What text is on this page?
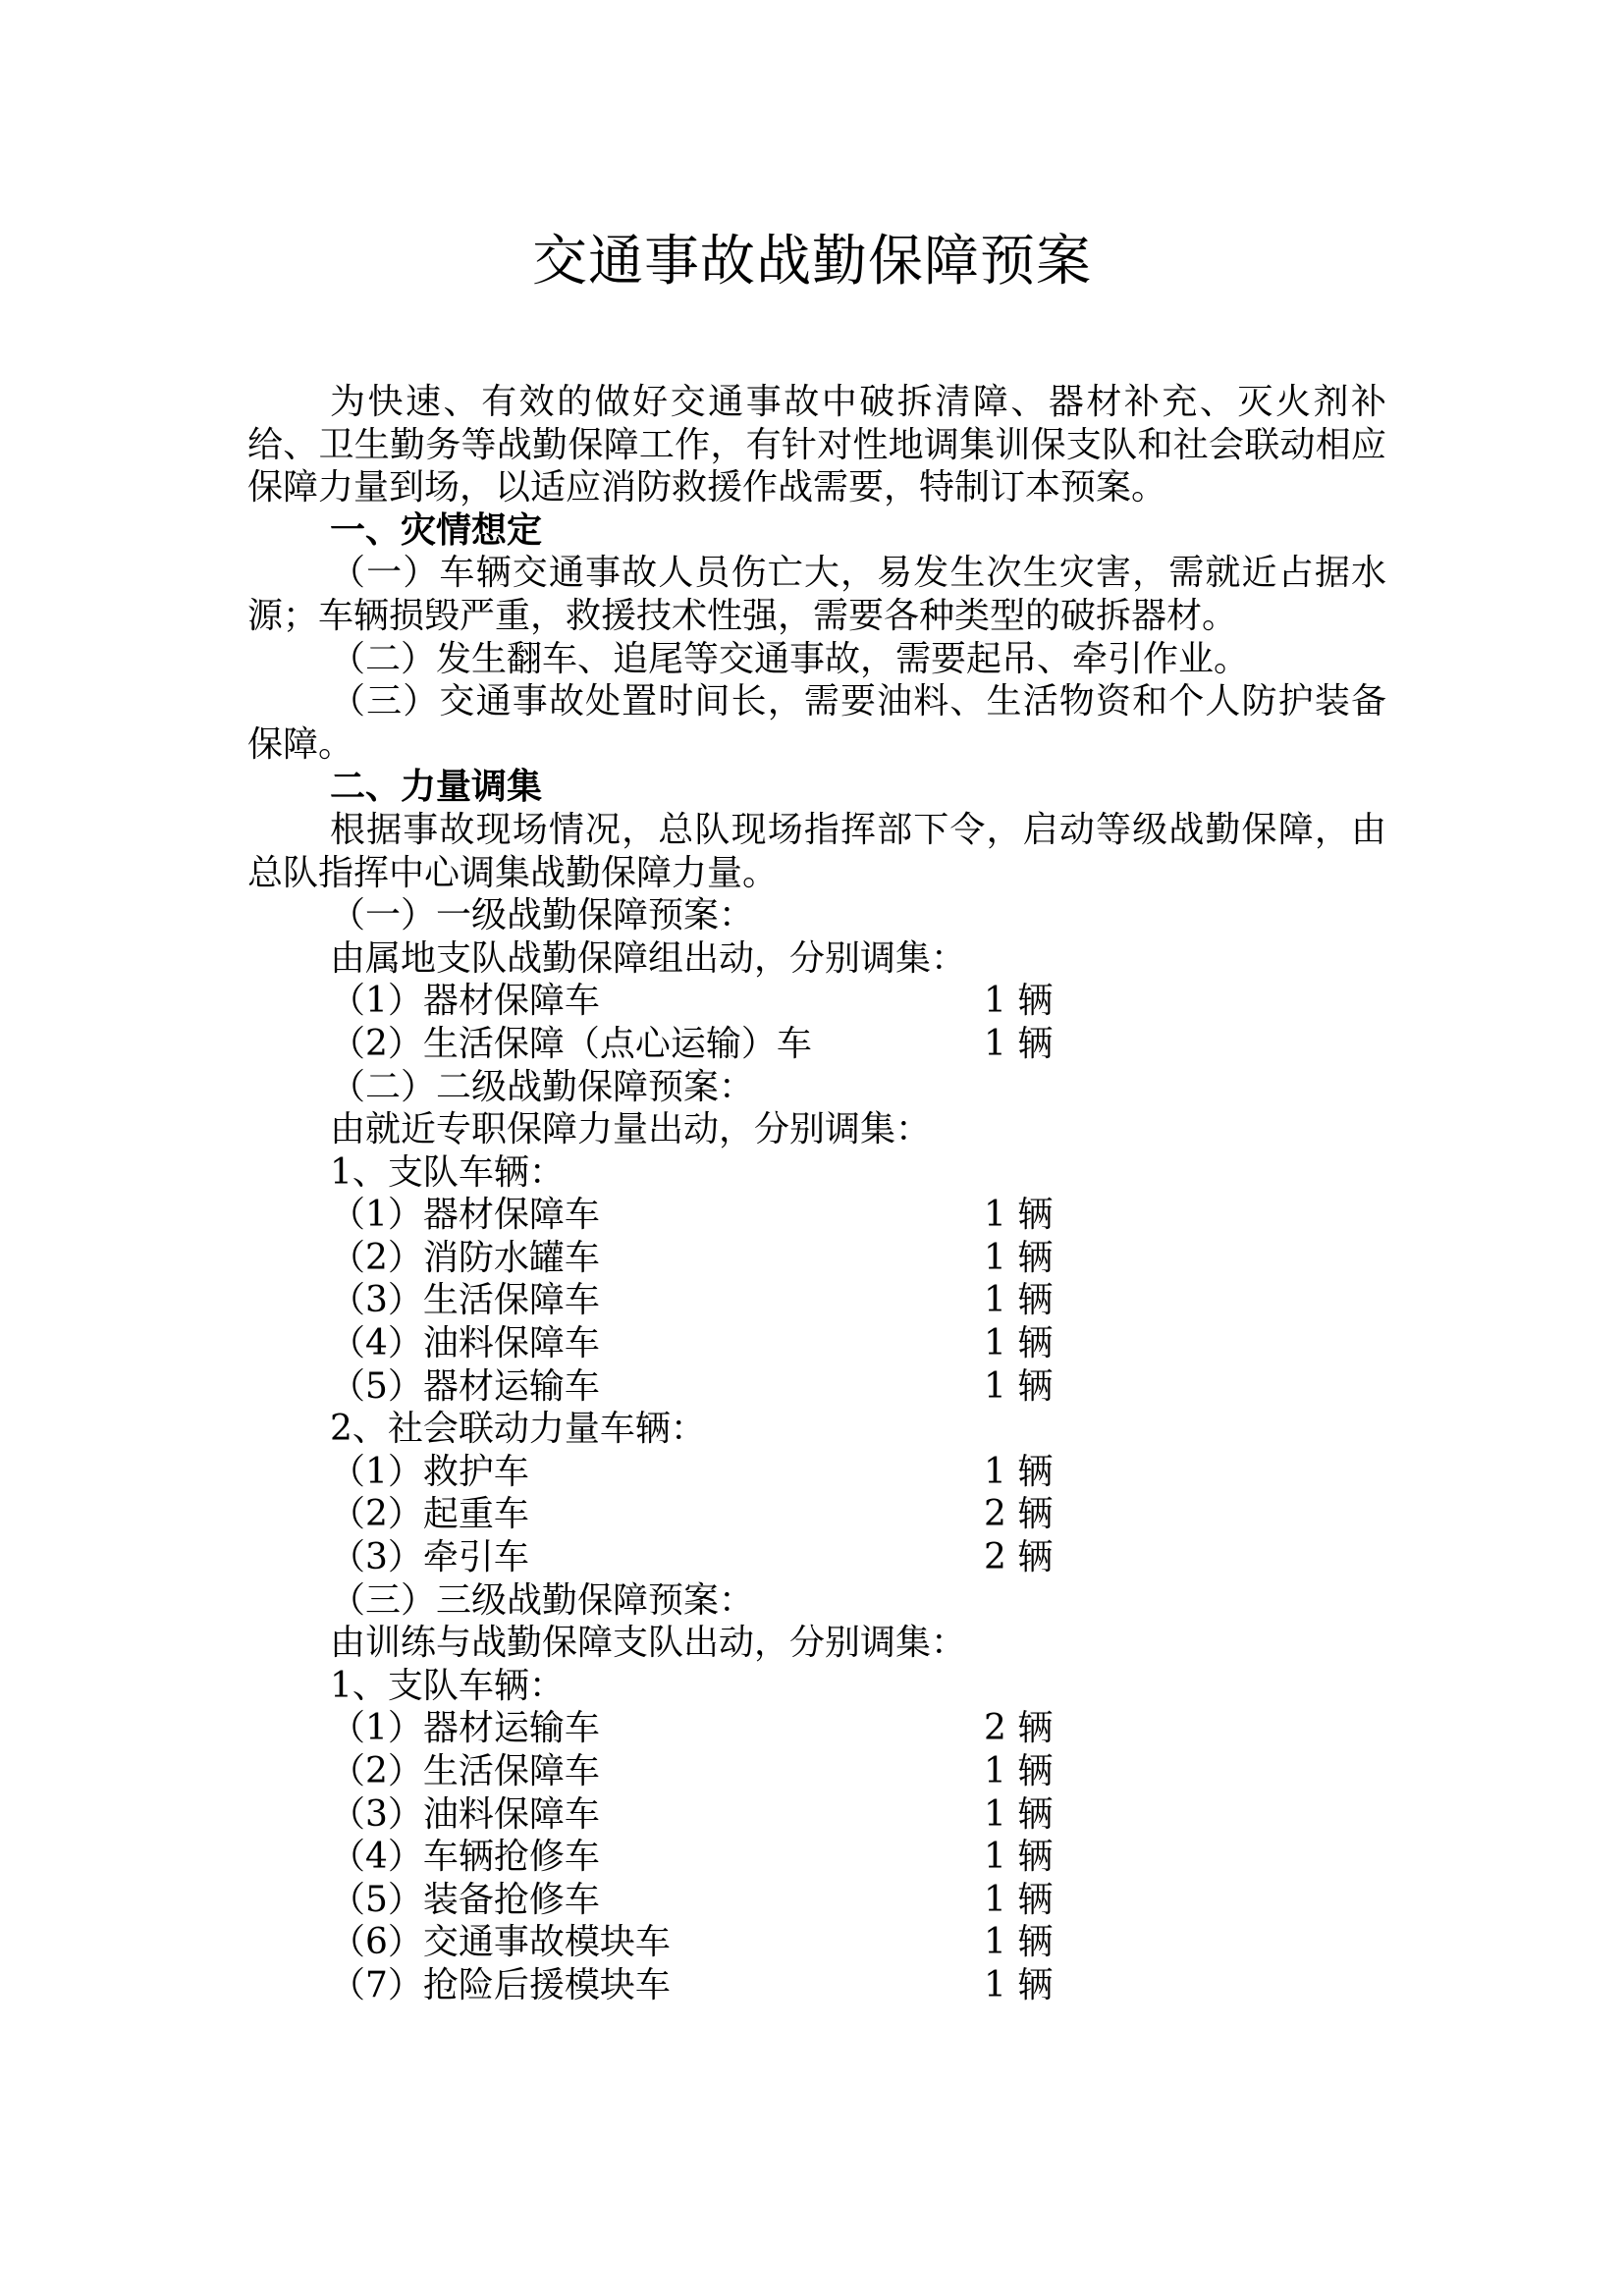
交通事故战勤保障预案

为快速、有效的做好交通事故中破拆清障、器材补充、灭火剂补给、卫生勤务等战勤保障工作，有针对性地调集训保支队和社会联动相应保障力量到场，以适应消防救援作战需要，特制订本预案。

一、灾情想定

（一）车辆交通事故人员伤亡大，易发生次生灾害，需就近占据水源；车辆损毁严重，救援技术性强，需要各种类型的破拆器材。

（二）发生翻车、追尾等交通事故，需要起吊、牵引作业。

（三）交通事故处置时间长，需要油料、生活物资和个人防护装备保障。

二、力量调集

根据事故现场情况，总队现场指挥部下令，启动等级战勤保障，由总队指挥中心调集战勤保障力量。

（一）一级战勤保障预案：

由属地支队战勤保障组出动，分别调集：

（1）器材保障车	1 辆
（2）生活保障（点心运输）车	1 辆

（二）二级战勤保障预案：

由就近专职保障力量出动，分别调集：

1、支队车辆：

（1）器材保障车	1 辆
（2）消防水罐车	1 辆
（3）生活保障车	1 辆
（4）油料保障车	1 辆
（5）器材运输车	1 辆

2、社会联动力量车辆：

（1）救护车	1 辆
（2）起重车	2 辆
（3）牵引车	2 辆

（三）三级战勤保障预案：

由训练与战勤保障支队出动，分别调集：

1、支队车辆：

（1）器材运输车	2 辆
（2）生活保障车	1 辆
（3）油料保障车	1 辆
（4）车辆抢修车	1 辆
（5）装备抢修车	1 辆
（6）交通事故模块车	1 辆
（7）抢险后援模块车	1 辆
